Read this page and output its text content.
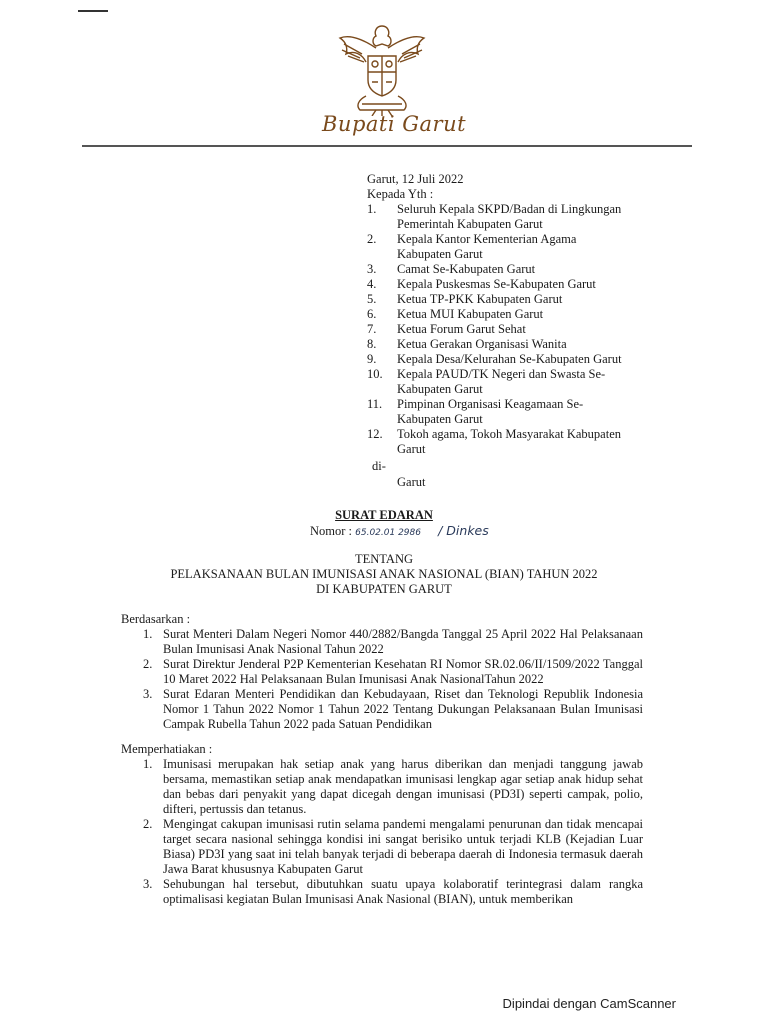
Bupati Garut
Garut, 12 Juli 2022
Kepada Yth :
1.	Seluruh Kepala SKPD/Badan di Lingkungan
Pemerintah Kabupaten Garut
2.	Kepala Kantor Kementerian Agama
Kabupaten Garut
3.	Camat Se-Kabupaten Garut
4.	Kepala Puskesmas Se-Kabupaten Garut
5.	Ketua TP-PKK Kabupaten Garut
6.	Ketua MUI Kabupaten Garut
7.	Ketua Forum Garut Sehat
8.	Ketua Gerakan Organisasi Wanita
9.	Kepala Desa/Kelurahan Se-Kabupaten Garut
10.	Kepala PAUD/TK Negeri dan Swasta Se-
Kabupaten Garut
11.	Pimpinan Organisasi Keagamaan Se-
Kabupaten Garut
12.	Tokoh agama, Tokoh Masyarakat Kabupaten
Garut
di-
Garut
SURAT EDARAN
Nomor : 65.02.01 2986 / Dinkes
TENTANG
PELAKSANAAN BULAN IMUNISASI ANAK NASIONAL (BIAN) TAHUN 2022
DI KABUPATEN GARUT
Berdasarkan :
1. Surat Menteri Dalam Negeri Nomor 440/2882/Bangda Tanggal 25 April 2022 Hal Pelaksanaan Bulan Imunisasi Anak Nasional Tahun 2022
2. Surat Direktur Jenderal P2P Kementerian Kesehatan RI Nomor SR.02.06/II/1509/2022 Tanggal 10 Maret 2022 Hal Pelaksanaan Bulan Imunisasi Anak NasionalTahun 2022
3. Surat Edaran Menteri Pendidikan dan Kebudayaan, Riset dan Teknologi Republik Indonesia Nomor 1 Tahun 2022 Nomor 1 Tahun 2022 Tentang Dukungan Pelaksanaan Bulan Imunisasi Campak Rubella Tahun 2022 pada Satuan Pendidikan
Memperhatiakan :
1. Imunisasi merupakan hak setiap anak yang harus diberikan dan menjadi tanggung jawab bersama, memastikan setiap anak mendapatkan imunisasi lengkap agar setiap anak hidup sehat dan bebas dari penyakit yang dapat dicegah dengan imunisasi (PD3I) seperti campak, polio, difteri, pertussis dan tetanus.
2. Mengingat cakupan imunisasi rutin selama pandemi mengalami penurunan dan tidak mencapai target secara nasional sehingga kondisi ini sangat berisiko untuk terjadi KLB (Kejadian Luar Biasa) PD3I yang saat ini telah banyak terjadi di beberapa daerah di Indonesia termasuk daerah Jawa Barat khususnya Kabupaten Garut
3. Sehubungan hal tersebut, dibutuhkan suatu upaya kolaboratif terintegrasi dalam rangka optimalisasi kegiatan Bulan Imunisasi Anak Nasional (BIAN), untuk memberikan
Dipindai dengan CamScanner
